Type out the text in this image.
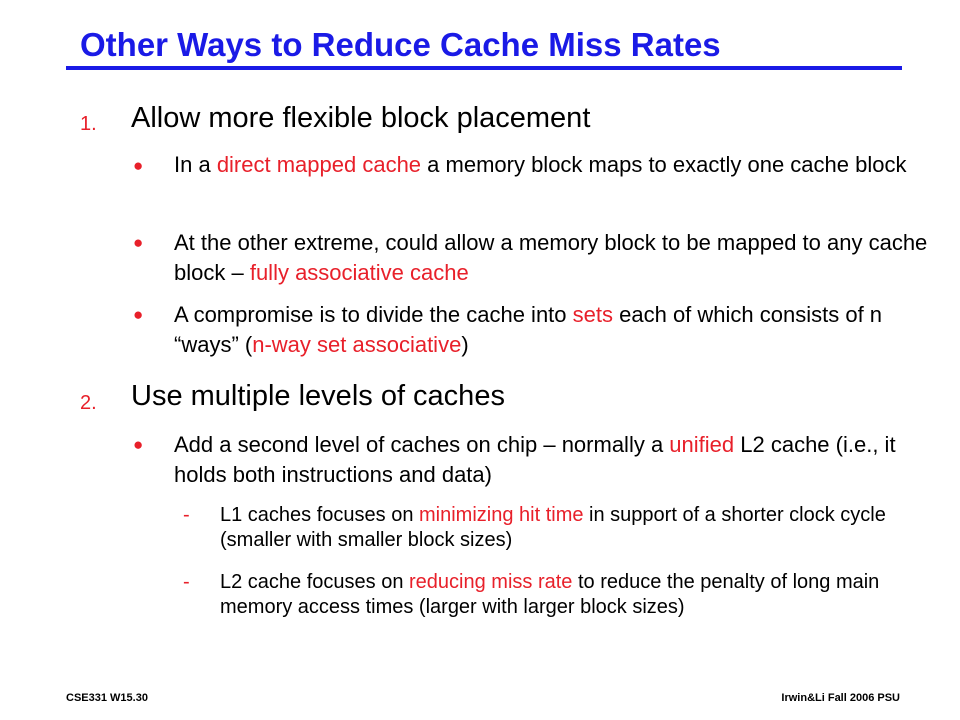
Other Ways to Reduce Cache Miss Rates
1. Allow more flexible block placement
● In a direct mapped cache a memory block maps to exactly one cache block
● At the other extreme, could allow a memory block to be mapped to any cache block – fully associative cache
● A compromise is to divide the cache into sets each of which consists of n “ways” (n-way set associative)
2. Use multiple levels of caches
● Add a second level of caches on chip – normally a unified L2 cache (i.e., it holds both instructions and data)
- L1 caches focuses on minimizing hit time in support of a shorter clock cycle (smaller with smaller block sizes)
- L2 cache focuses on reducing miss rate to reduce the penalty of long main memory access times (larger with larger block sizes)
CSE331 W15.30	Irwin&Li Fall 2006 PSU
